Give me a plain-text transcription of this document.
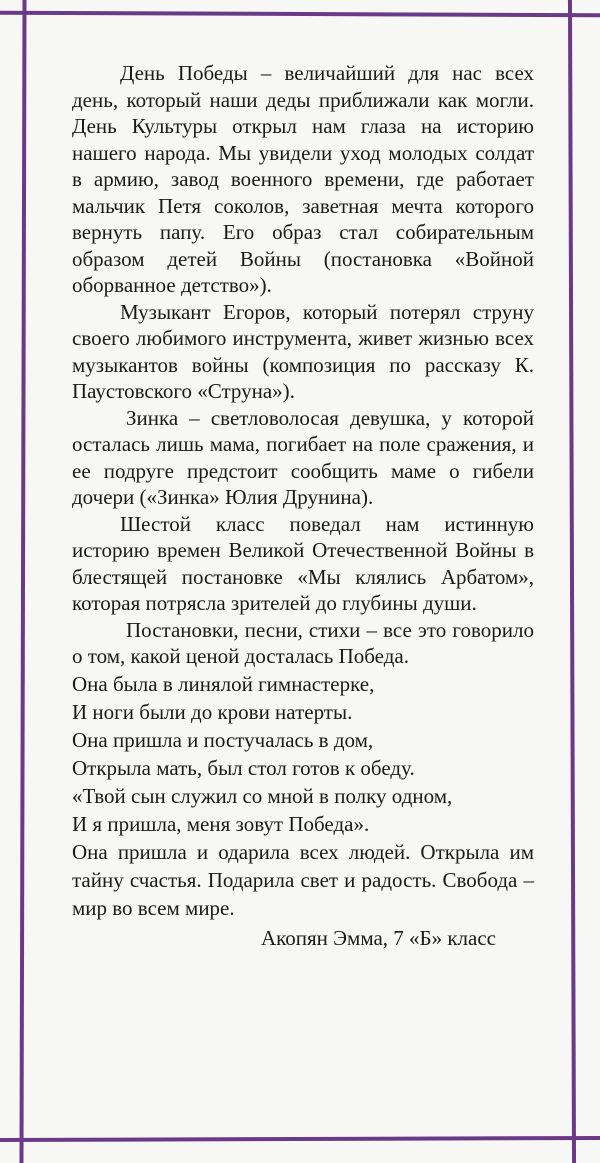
День Победы – величайший для нас всех день, который наши деды приближали как могли. День Культуры открыл нам глаза на историю нашего народа. Мы увидели уход молодых солдат в армию, завод военного времени, где работает мальчик Петя соколов, заветная мечта которого вернуть папу. Его образ стал собирательным образом детей Войны (постановка «Войной оборванное детство»).

Музыкант Егоров, который потерял струну своего любимого инструмента, живет жизнью всех музыкантов войны (композиция по рассказу К. Паустовского «Струна»).

Зинка – светловолосая девушка, у которой осталась лишь мама, погибает на поле сражения, и ее подруге предстоит сообщить маме о гибели дочери («Зинка» Юлия Друнина).

Шестой класс поведал нам истинную историю времен Великой Отечественной Войны в блестящей постановке «Мы клялись Арбатом», которая потрясла зрителей до глубины души.

Постановки, песни, стихи – все это говорило о том, какой ценой досталась Победа.

Она была в линялой гимнастерке,

И ноги были до крови натерты.

Она пришла и постучалась в дом,

Открыла мать, был стол готов к обеду.

«Твой сын служил со мной в полку одном,

И я пришла, меня зовут Победа».

Она пришла и одарила всех людей. Открыла им тайну счастья. Подарила свет и радость. Свобода – мир во всем мире.

Акопян Эмма, 7 «Б» класс
